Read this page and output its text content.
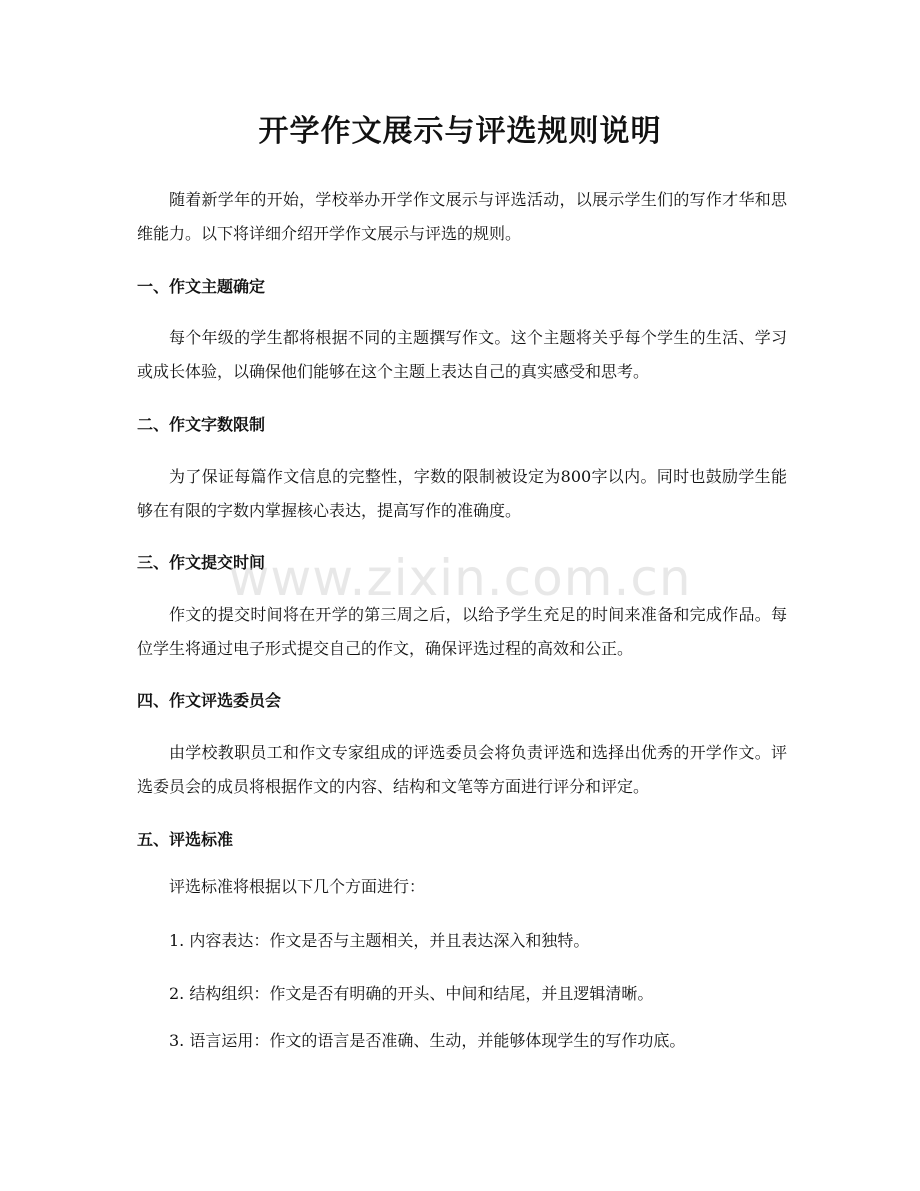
开学作文展示与评选规则说明
随着新学年的开始，学校举办开学作文展示与评选活动，以展示学生们的写作才华和思维能力。以下将详细介绍开学作文展示与评选的规则。
一、作文主题确定
每个年级的学生都将根据不同的主题撰写作文。这个主题将关乎每个学生的生活、学习或成长体验，以确保他们能够在这个主题上表达自己的真实感受和思考。
二、作文字数限制
为了保证每篇作文信息的完整性，字数的限制被设定为800字以内。同时也鼓励学生能够在有限的字数内掌握核心表达，提高写作的准确度。
三、作文提交时间
作文的提交时间将在开学的第三周之后，以给予学生充足的时间来准备和完成作品。每位学生将通过电子形式提交自己的作文，确保评选过程的高效和公正。
四、作文评选委员会
由学校教职员工和作文专家组成的评选委员会将负责评选和选择出优秀的开学作文。评选委员会的成员将根据作文的内容、结构和文笔等方面进行评分和评定。
五、评选标准
评选标准将根据以下几个方面进行：
1. 内容表达：作文是否与主题相关，并且表达深入和独特。
2. 结构组织：作文是否有明确的开头、中间和结尾，并且逻辑清晰。
3. 语言运用：作文的语言是否准确、生动，并能够体现学生的写作功底。
www.zixin.com.cn
